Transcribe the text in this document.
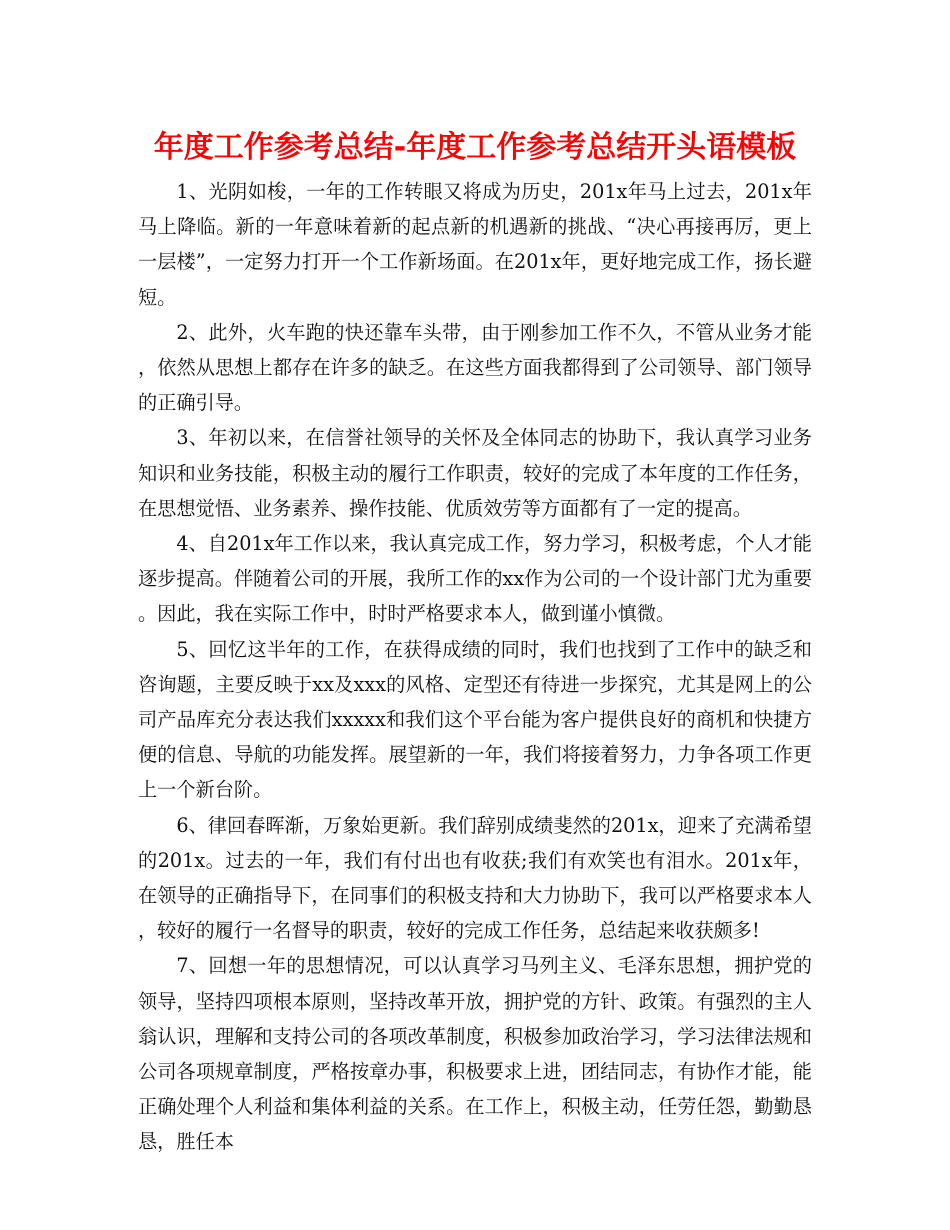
年度工作参考总结-年度工作参考总结开头语模板

1、光阴如梭，一年的工作转眼又将成为历史，201x年马上过去，201x年马上降临。新的一年意味着新的起点新的机遇新的挑战、“决心再接再厉，更上一层楼”，一定努力打开一个工作新场面。在201x年，更好地完成工作，扬长避短。

2、此外，火车跑的快还靠车头带，由于刚参加工作不久，不管从业务才能，依然从思想上都存在许多的缺乏。在这些方面我都得到了公司领导、部门领导的正确引导。

3、年初以来，在信誉社领导的关怀及全体同志的协助下，我认真学习业务知识和业务技能，积极主动的履行工作职责，较好的完成了本年度的工作任务，在思想觉悟、业务素养、操作技能、优质效劳等方面都有了一定的提高。

4、自201x年工作以来，我认真完成工作，努力学习，积极考虑，个人才能逐步提高。伴随着公司的开展，我所工作的xx作为公司的一个设计部门尤为重要。因此，我在实际工作中，时时严格要求本人，做到谨小慎微。

5、回忆这半年的工作，在获得成绩的同时，我们也找到了工作中的缺乏和咨询题，主要反映于xx及xxx的风格、定型还有待进一步探究，尤其是网上的公司产品库充分表达我们xxxxx和我们这个平台能为客户提供良好的商机和快捷方便的信息、导航的功能发挥。展望新的一年，我们将接着努力，力争各项工作更上一个新台阶。

6、律回春晖渐，万象始更新。我们辞别成绩斐然的201x，迎来了充满希望的201x。过去的一年，我们有付出也有收获;我们有欢笑也有泪水。201x年，在领导的正确指导下，在同事们的积极支持和大力协助下，我可以严格要求本人，较好的履行一名督导的职责，较好的完成工作任务，总结起来收获颇多!

7、回想一年的思想情况，可以认真学习马列主义、毛泽东思想，拥护党的领导，坚持四项根本原则，坚持改革开放，拥护党的方针、政策。有强烈的主人翁认识，理解和支持公司的各项改革制度，积极参加政治学习，学习法律法规和公司各项规章制度，严格按章办事，积极要求上进，团结同志，有协作才能，能正确处理个人利益和集体利益的关系。在工作上，积极主动，任劳任怨，勤勤恳恳，胜任本
